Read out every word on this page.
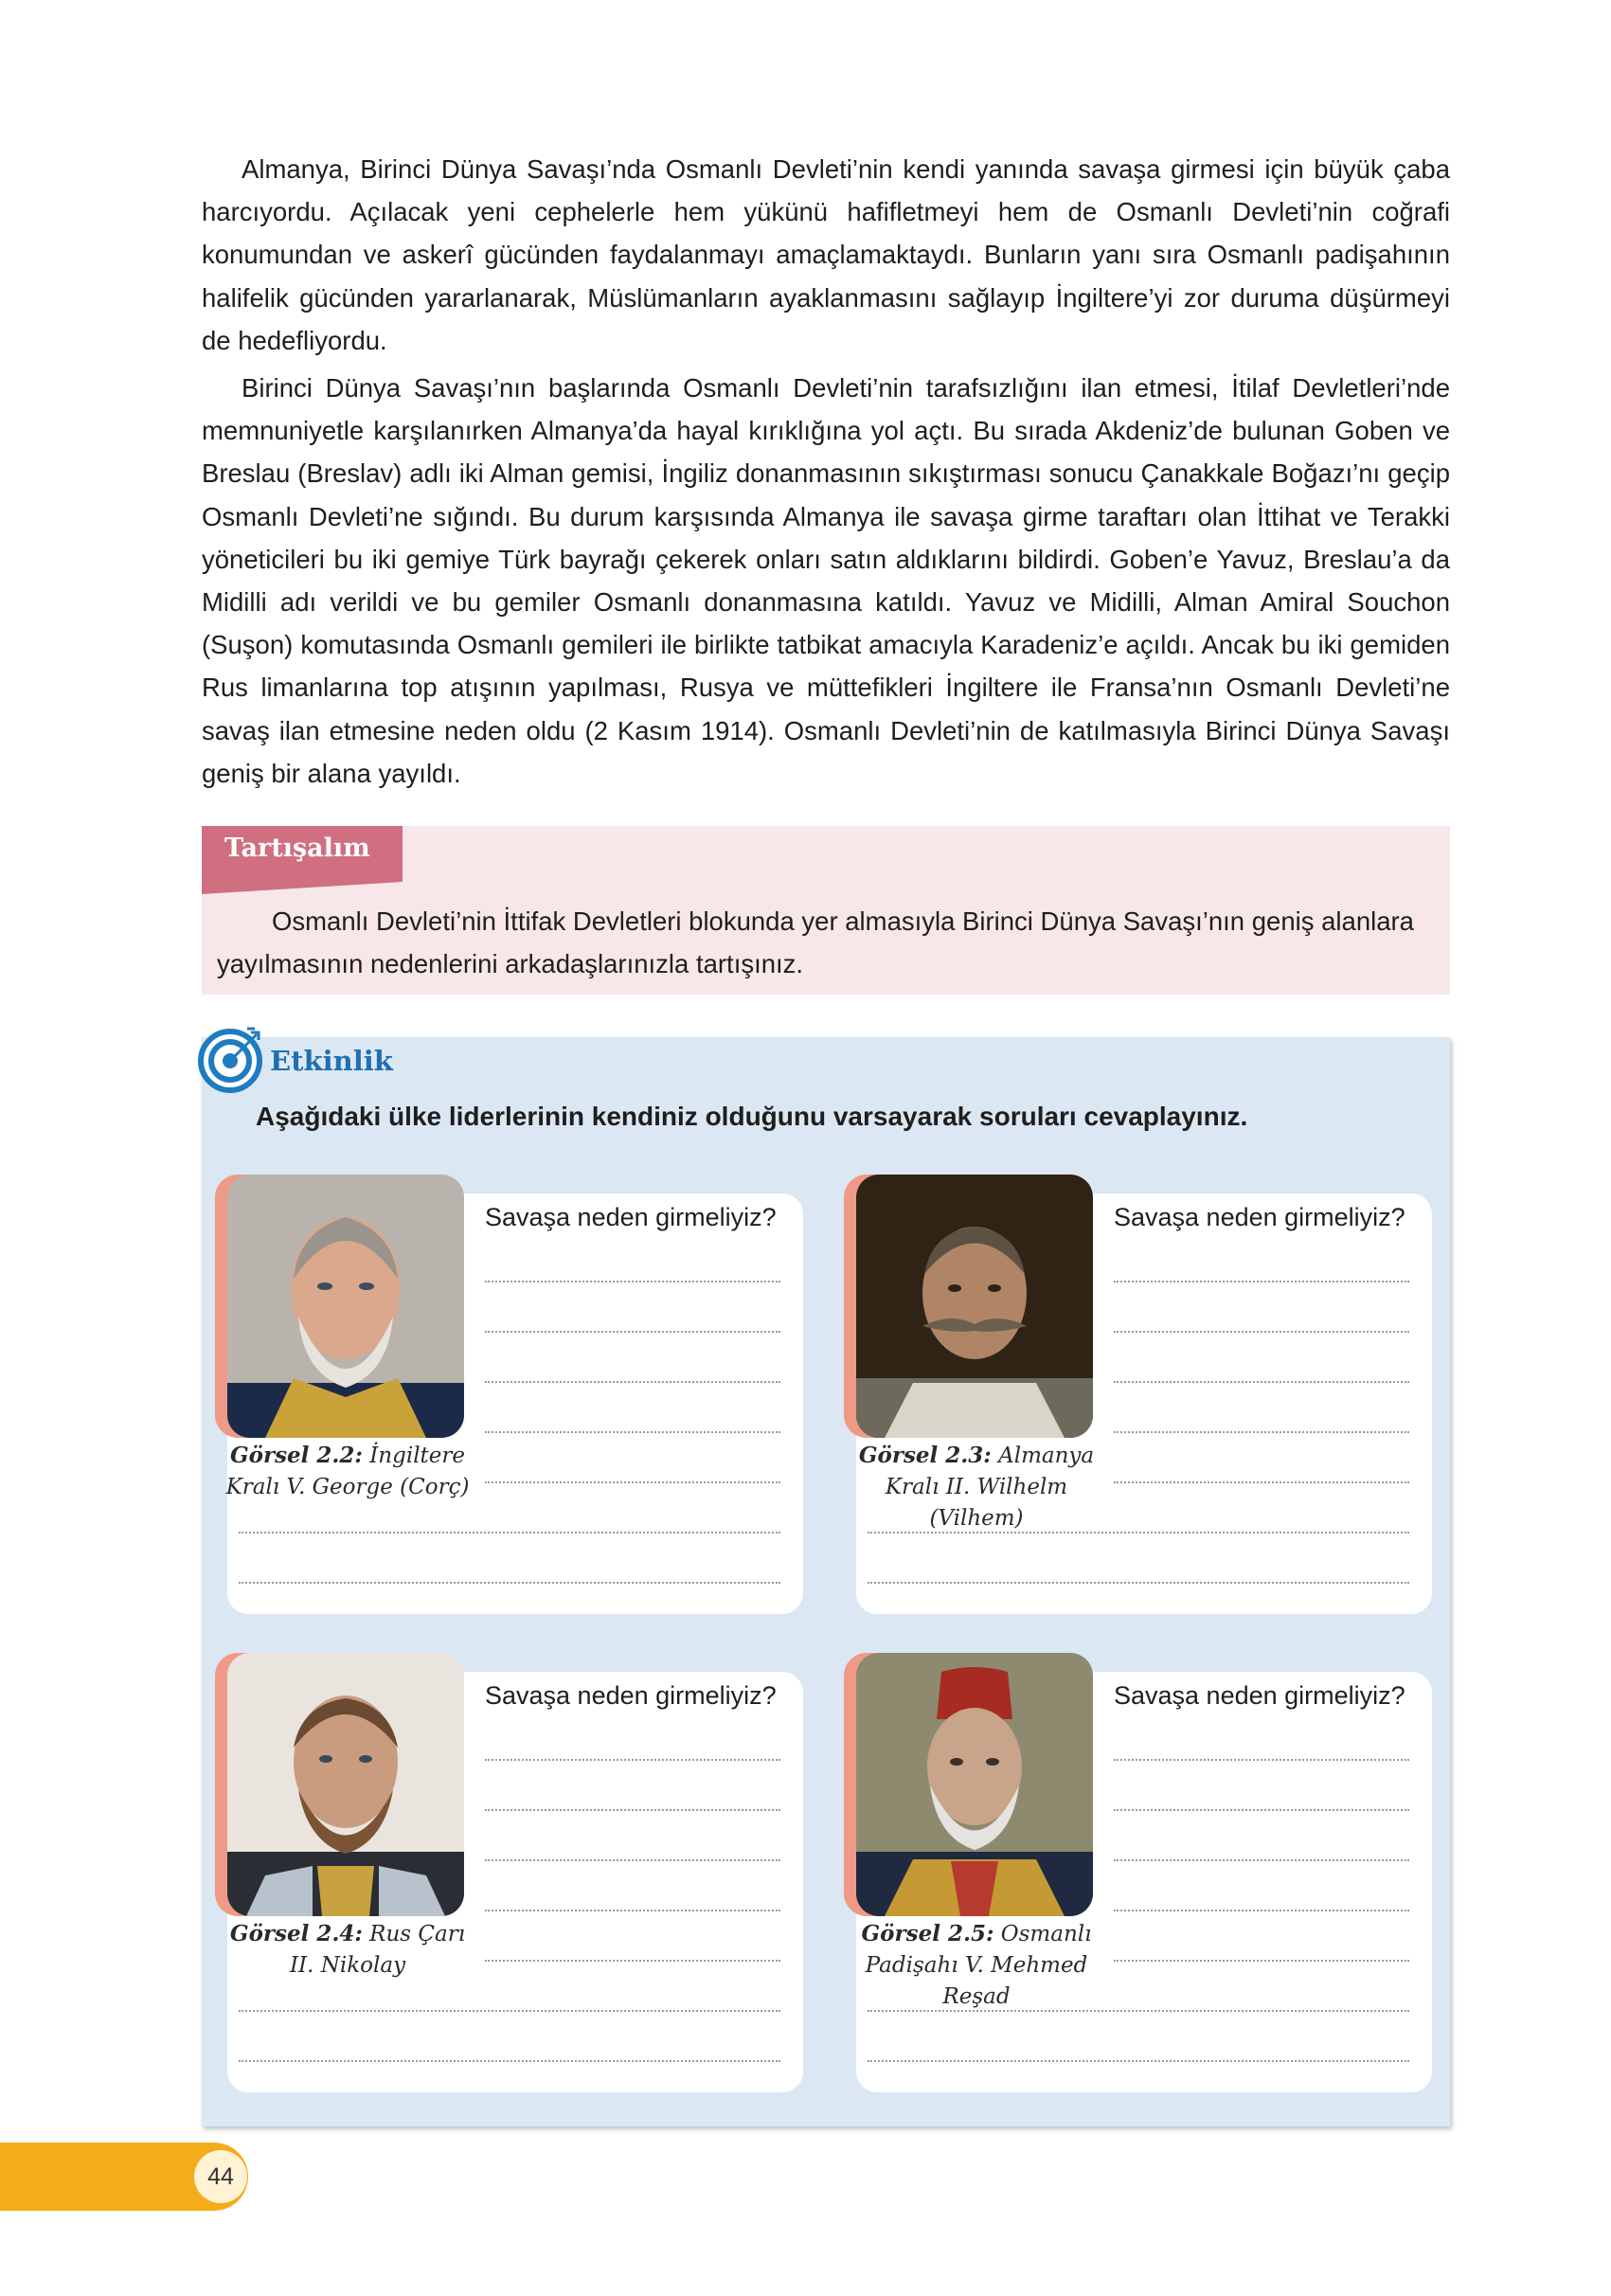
Almanya, Birinci Dünya Savaşı’nda Osmanlı Devleti’nin kendi yanında savaşa girmesi için büyük çaba harcıyordu. Açılacak yeni cephelerle hem yükünü hafifletmeyi hem de Osmanlı Devleti’nin coğrafi konumundan ve askerî gücünden faydalanmayı amaçlamaktaydı. Bunların yanı sıra Osmanlı padişahının halifelik gücünden yararlanarak, Müslümanların ayaklanmasını sağlayıp İngiltere’yi zor duruma düşürmeyi de hedefliyordu.

Birinci Dünya Savaşı’nın başlarında Osmanlı Devleti’nin tarafsızlığını ilan etmesi, İtilaf Devletleri’nde memnuniyetle karşılanırken Almanya’da hayal kırıklığına yol açtı. Bu sırada Akdeniz’de bulunan Goben ve Breslau (Breslav) adlı iki Alman gemisi, İngiliz donanmasının sıkıştırması sonucu Çanakkale Boğazı’nı geçip Osmanlı Devleti’ne sığındı. Bu durum karşısında Almanya ile savaşa girme taraftarı olan İttihat ve Terakki yöneticileri bu iki gemiye Türk bayrağı çekerek onları satın aldıklarını bildirdi. Goben’e Yavuz, Breslau’a da Midilli adı verildi ve bu gemiler Osmanlı donanmasına katıldı. Yavuz ve Midilli, Alman Amiral Souchon (Suşon) komutasında Osmanlı gemileri ile birlikte tatbikat amacıyla Karadeniz’e açıldı. Ancak bu iki gemiden Rus limanlarına top atışının yapılması, Rusya ve müttefikleri İngiltere ile Fransa’nın Osmanlı Devleti’ne savaş ilan etmesine neden oldu (2 Kasım 1914). Osmanlı Devleti’nin de katılmasıyla Birinci Dünya Savaşı geniş bir alana yayıldı.

Tartışalım

Osmanlı Devleti’nin İttifak Devletleri blokunda yer almasıyla Birinci Dünya Savaşı’nın geniş alanlara yayılmasının nedenlerini arkadaşlarınızla tartışınız.

Etkinlik
Aşağıdaki ülke liderlerinin kendiniz olduğunu varsayarak soruları cevaplayınız.
Savaşa neden girmeliyiz?
Görsel 2.2: İngiltere
Kralı V. George (Corç)
Savaşa neden girmeliyiz?
Görsel 2.3: Almanya
Kralı II. Wilhelm
(Vilhem)
Savaşa neden girmeliyiz?
Görsel 2.4: Rus Çarı
II. Nikolay
Savaşa neden girmeliyiz?
Görsel 2.5: Osmanlı
Padişahı V. Mehmed
Reşad
44
